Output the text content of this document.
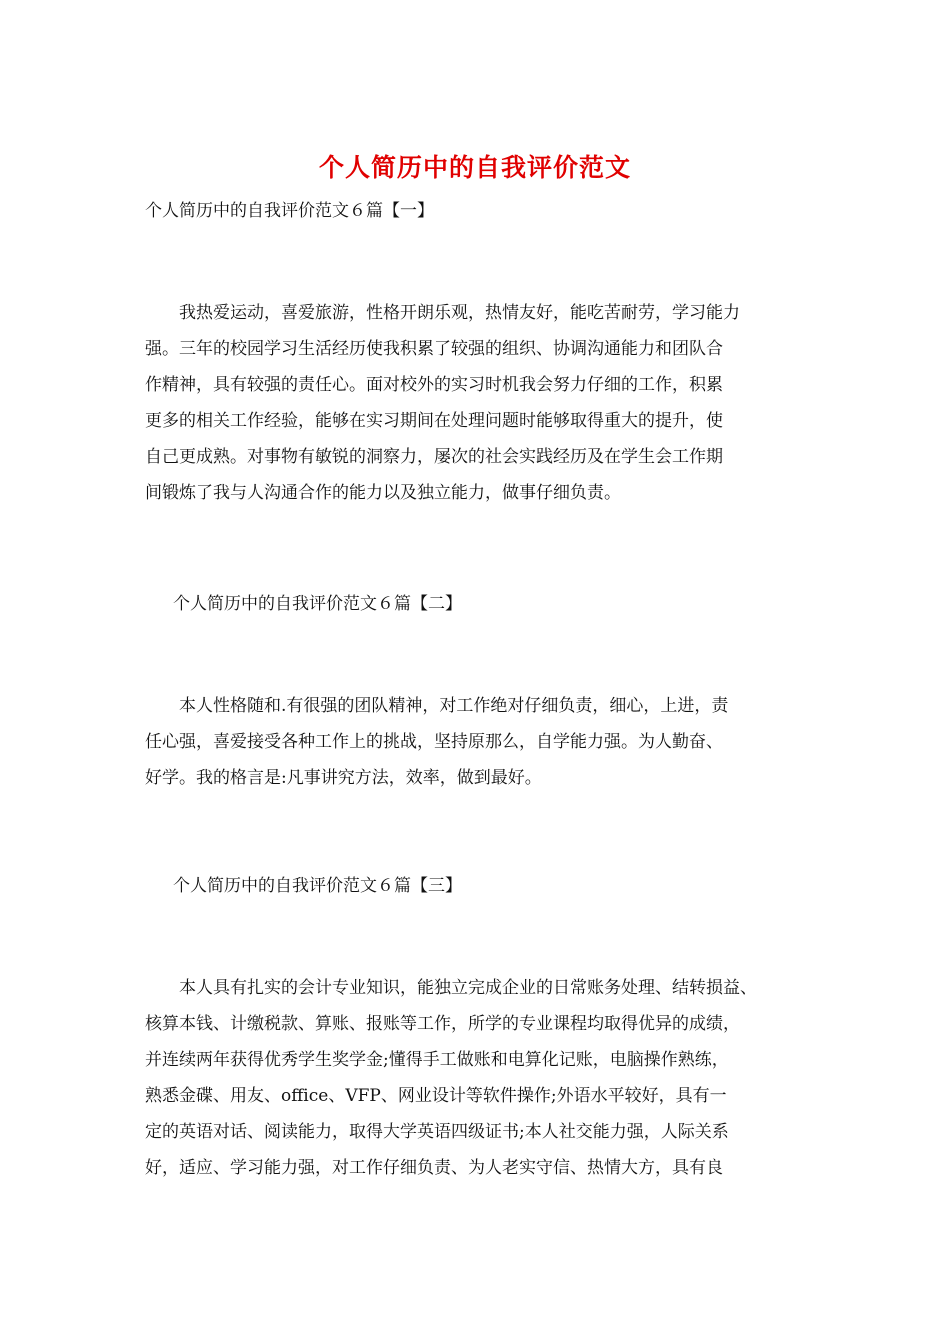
个人简历中的自我评价范文
个人简历中的自我评价范文６篇【一】
　　我热爱运动，喜爱旅游，性格开朗乐观，热情友好，能吃苦耐劳，学习能力
强。三年的校园学习生活经历使我积累了较强的组织、协调沟通能力和团队合
作精神，具有较强的责任心。面对校外的实习时机我会努力仔细的工作，积累
更多的相关工作经验，能够在实习期间在处理问题时能够取得重大的提升，使
自己更成熟。对事物有敏锐的洞察力，屡次的社会实践经历及在学生会工作期
间锻炼了我与人沟通合作的能力以及独立能力，做事仔细负责。
个人简历中的自我评价范文６篇【二】
　　本人性格随和.有很强的团队精神，对工作绝对仔细负责，细心，上进，责
任心强，喜爱接受各种工作上的挑战，坚持原那么，自学能力强。为人勤奋、
好学。我的格言是:凡事讲究方法，效率，做到最好。
个人简历中的自我评价范文６篇【三】
　　本人具有扎实的会计专业知识，能独立完成企业的日常账务处理、结转损益、
核算本钱、计缴税款、算账、报账等工作，所学的专业课程均取得优异的成绩，
并连续两年获得优秀学生奖学金;懂得手工做账和电算化记账，电脑操作熟练，
熟悉金碟、用友、office、VFP、网业设计等软件操作;外语水平较好，具有一
定的英语对话、阅读能力，取得大学英语四级证书;本人社交能力强，人际关系
好，适应、学习能力强，对工作仔细负责、为人老实守信、热情大方，具有良
